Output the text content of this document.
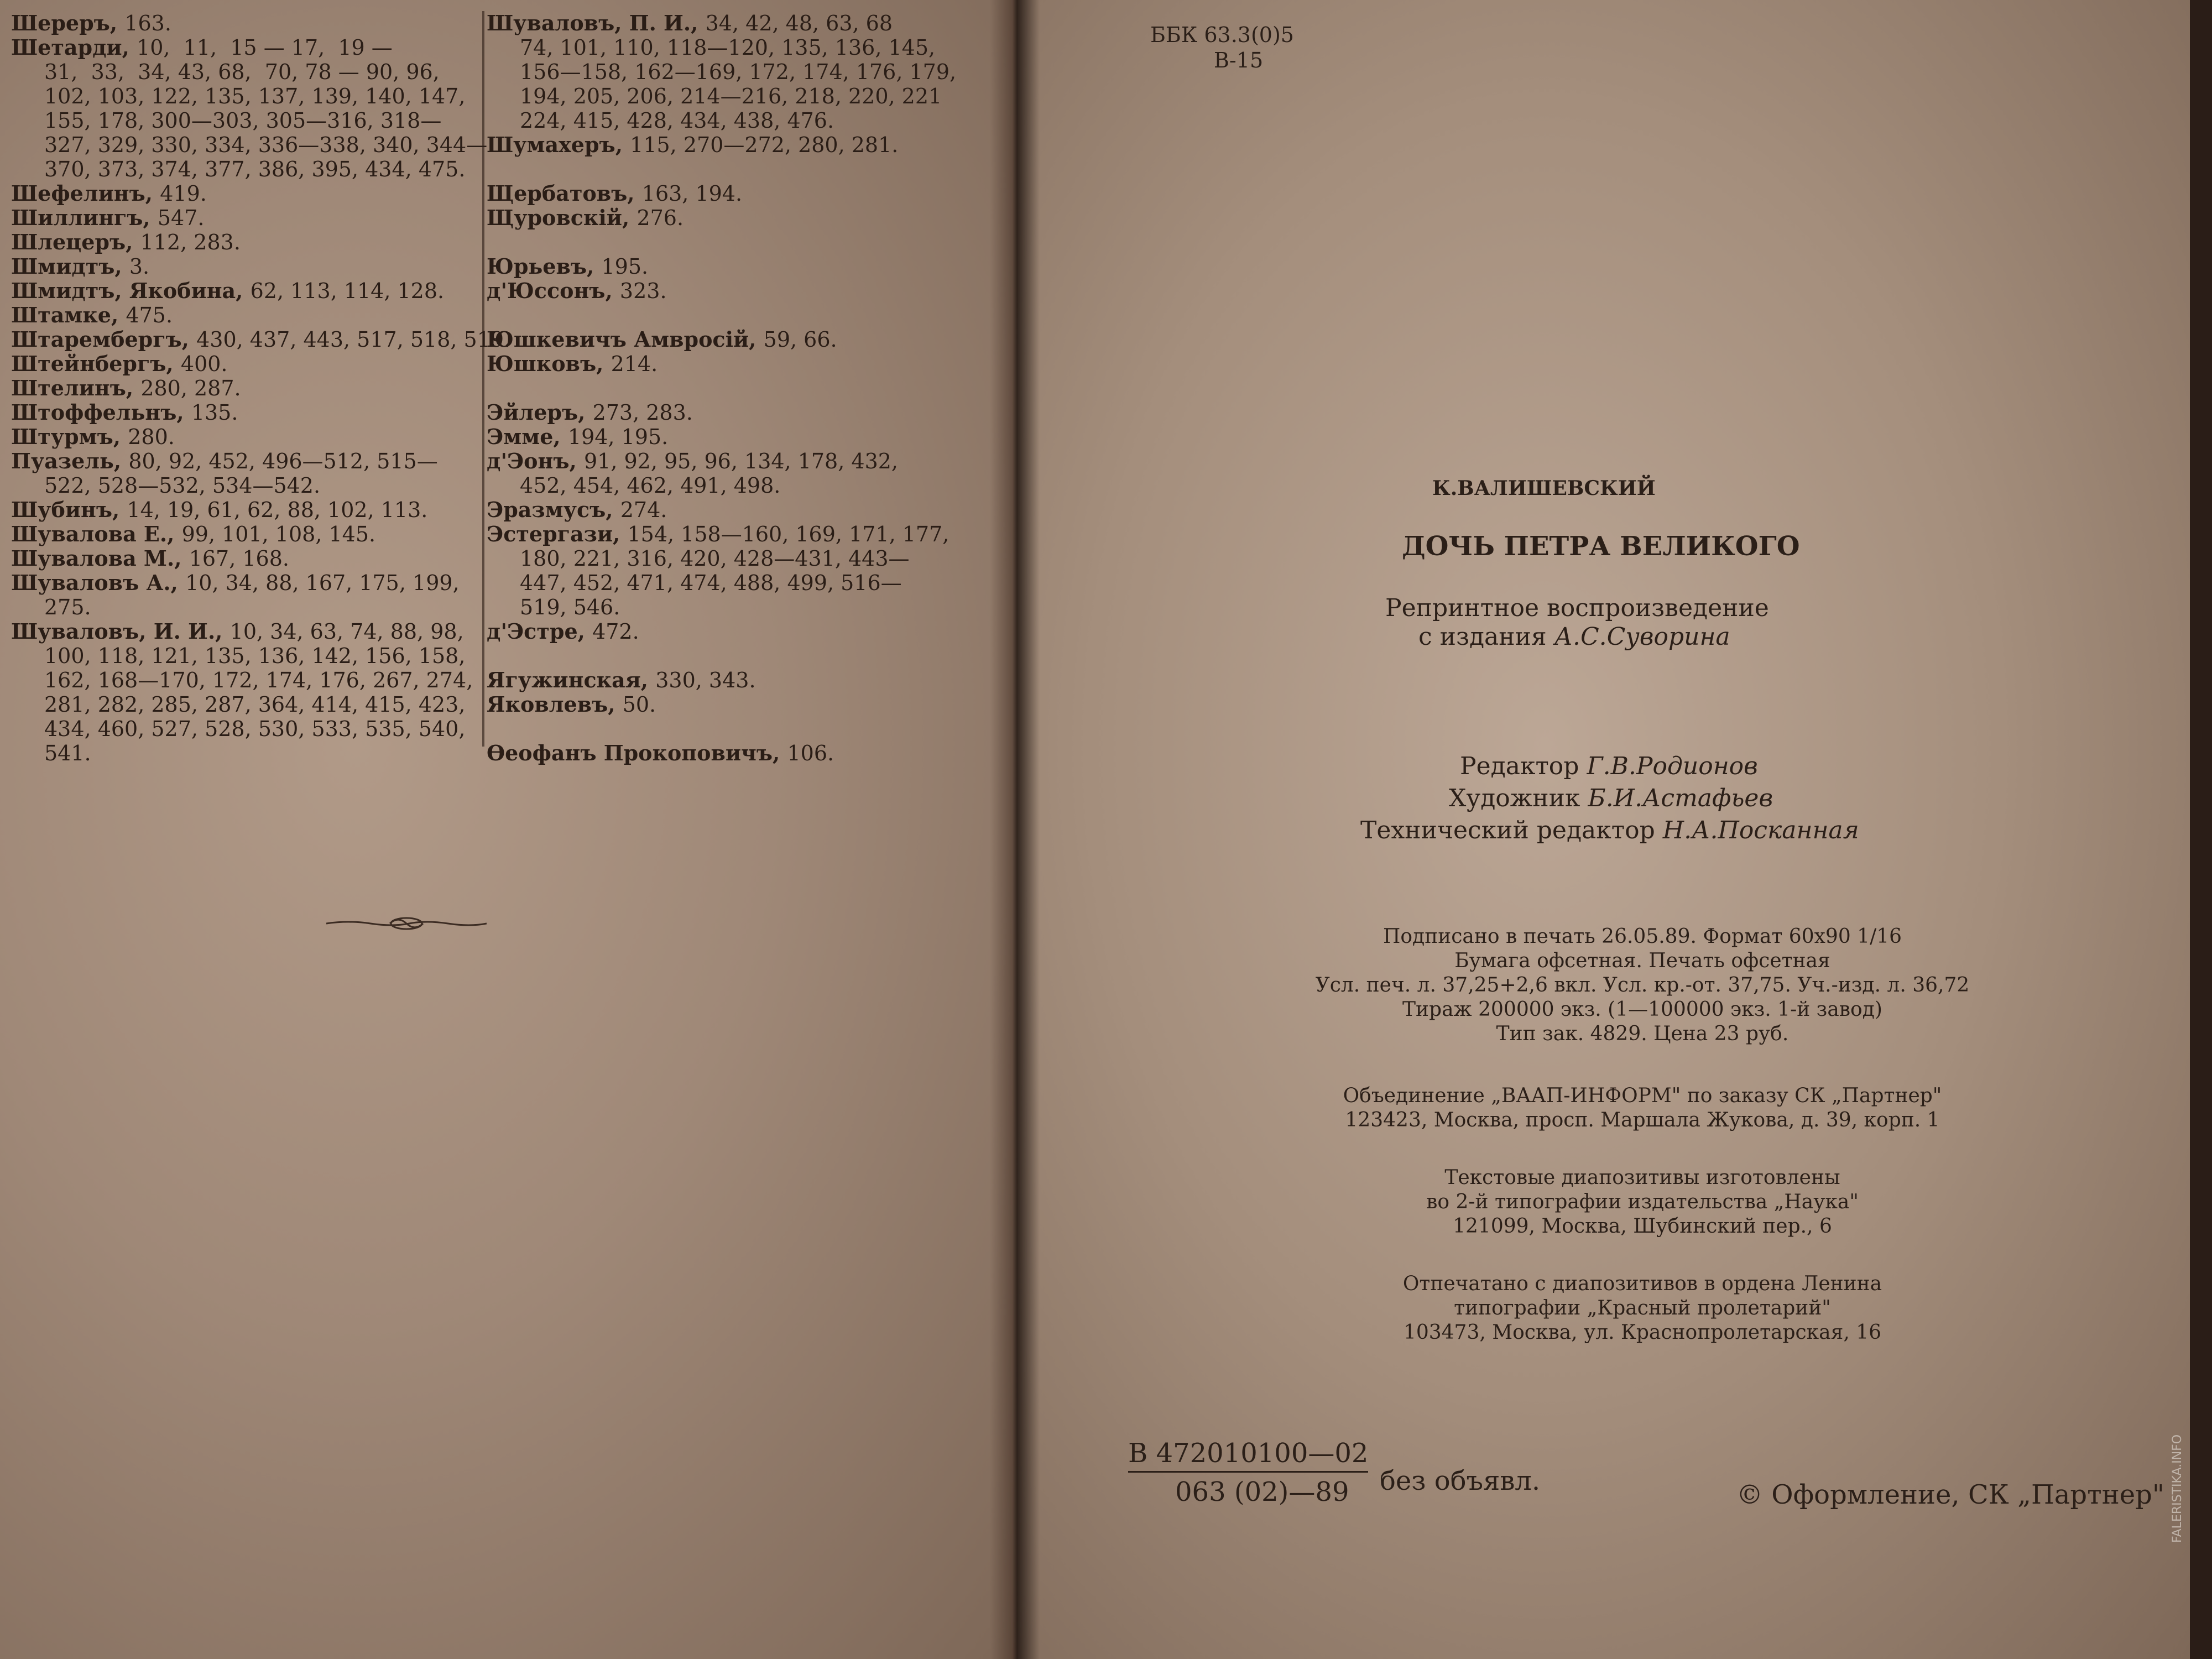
Шереръ, 163.
Шетарди, 10,  11,  15 — 17,  19 —
31,  33,  34, 43, 68,  70, 78 — 90, 96,
102, 103, 122, 135, 137, 139, 140, 147,
155, 178, 300—303, 305—316, 318—
327, 329, 330, 334, 336—338, 340, 344—
370, 373, 374, 377, 386, 395, 434, 475.
Шефелинъ, 419.
Шиллингъ, 547.
Шлецеръ, 112, 283.
Шмидтъ, 3.
Шмидтъ, Якобина, 62, 113, 114, 128.
Штамке, 475.
Штарембергъ, 430, 437, 443, 517, 518, 519.
Штейнбергъ, 400.
Штелинъ, 280, 287.
Штоффельнъ, 135.
Штурмъ, 280.
Пуазель, 80, 92, 452, 496—512, 515—
522, 528—532, 534—542.
Шубинъ, 14, 19, 61, 62, 88, 102, 113.
Шувалова Е., 99, 101, 108, 145.
Шувалова М., 167, 168.
Шуваловъ А., 10, 34, 88, 167, 175, 199,
275.
Шуваловъ, И. И., 10, 34, 63, 74, 88, 98,
100, 118, 121, 135, 136, 142, 156, 158,
162, 168—170, 172, 174, 176, 267, 274,
281, 282, 285, 287, 364, 414, 415, 423,
434, 460, 527, 528, 530, 533, 535, 540,
541.
Шуваловъ, П. И., 34, 42, 48, 63, 68
74, 101, 110, 118—120, 135, 136, 145,
156—158, 162—169, 172, 174, 176, 179,
194, 205, 206, 214—216, 218, 220, 221
224, 415, 428, 434, 438, 476.
Шумахеръ, 115, 270—272, 280, 281.

Щербатовъ, 163, 194.
Щуровскій, 276.

Юрьевъ, 195.
д'Юссонъ, 323.

Юшкевичъ Амвросій, 59, 66.
Юшковъ, 214.

Эйлеръ, 273, 283.
Эмме, 194, 195.
д'Эонъ, 91, 92, 95, 96, 134, 178, 432,
452, 454, 462, 491, 498.
Эразмусъ, 274.
Эстергази, 154, 158—160, 169, 171, 177,
180, 221, 316, 420, 428—431, 443—
447, 452, 471, 474, 488, 499, 516—
519, 546.
д'Эстре, 472.

Ягужинская, 330, 343.
Яковлевъ, 50.

Ѳеофанъ Прокоповичъ, 106.
ББК 63.3(0)5
В-15
К.ВАЛИШЕВСКИЙ
ДОЧЬ ПЕТРА ВЕЛИКОГО
Репринтное воспроизведение
с издания А.С.Суворина
Редактор Г.В.Родионов
Художник Б.И.Астафьев
Технический редактор Н.А.Посканная
Подписано в печать 26.05.89. Формат 60х90 1/16
Бумага офсетная. Печать офсетная
Усл. печ. л. 37,25+2,6 вкл. Усл. кр.-от. 37,75. Уч.-изд. л. 36,72
Тираж 200000 экз. (1—100000 экз. 1-й завод)
Тип зак. 4829. Цена 23 руб.
Объединение „ВААП-ИНФОРМ" по заказу СК „Партнер"
123423, Москва, просп. Маршала Жукова, д. 39, корп. 1
Текстовые диапозитивы изготовлены
во 2-й типографии издательства „Наука"
121099, Москва, Шубинский пер., 6
Отпечатано с диапозитивов в ордена Ленина
типографии „Красный пролетарий"
103473, Москва, ул. Краснопролетарская, 16
В 472010100—02
063 (02)—89 без объявл.	© Оформление, СК „Партнер" FALERISTIKA.INFO
